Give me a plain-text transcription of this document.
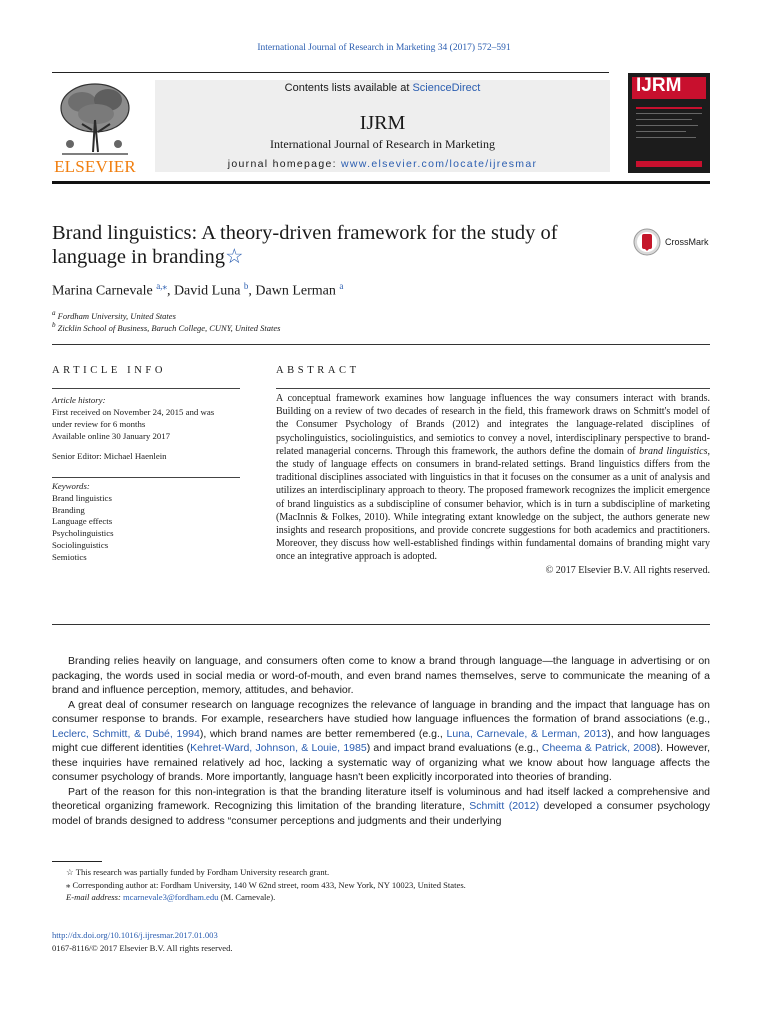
International Journal of Research in Marketing 34 (2017) 572–591
ELSEVIER
Contents lists available at ScienceDirect
IJRM
International Journal of Research in Marketing
journal homepage: www.elsevier.com/locate/ijresmar
IJRM
Brand linguistics: A theory-driven framework for the study of
language in branding☆
CrossMark
Marina Carnevale $^{a,⁎}$, David Luna $^b$, Dawn Lerman $^a$
$^a$ Fordham University, United States
$^b$ Zicklin School of Business, Baruch College, CUNY, United States
ARTICLE INFO
Article history:
First received on November 24, 2015 and was
under review for 6 months
Available online 30 January 2017
Senior Editor: Michael Haenlein
Keywords:
Brand linguistics
Branding
Language effects
Psycholinguistics
Sociolinguistics
Semiotics
ABSTRACT
A conceptual framework examines how language influences the way consumers interact with brands. Building on a review of two decades of research in the field, this framework draws on Schmitt's model of the Consumer Psychology of Brands (2012) and integrates the language-related disciplines of psycholinguistics, sociolinguistics, and semiotics to convey a novel, interdisciplinary perspective to brand-related managerial concerns. Through this framework, the authors define the domain of brand linguistics, the study of language effects on consumers in brand-related settings. Brand linguistics differs from the traditional disciplines associated with linguistics in that it focuses on the consumer as a unit of analysis and utilizes an interdisciplinary approach to theory. The proposed framework recognizes the implicit emergence of brand linguistics as a subdiscipline of consumer behavior, which is in turn a subdiscipline of marketing (MacInnis & Folkes, 2010). While integrating extant knowledge on the subject, the authors generate new insights and research propositions, and provide concrete suggestions for both academics and practitioners. Moreover, they discuss how well-established findings within fundamental domains of branding might vary once an integrative approach is adopted.
© 2017 Elsevier B.V. All rights reserved.

Branding relies heavily on language, and consumers often come to know a brand through language—the language in advertising or on packaging, the words used in social media or word-of-mouth, and even brand names themselves, serve to communicate the meaning of a brand and influence perception, memory, attitudes, and behavior.

A great deal of consumer research on language recognizes the relevance of language in branding and the impact that language has on consumer response to brands. For example, researchers have studied how language influences the formation of brand associations (e.g., Leclerc, Schmitt, & Dubé, 1994), which brand names are better remembered (e.g., Luna, Carnevale, & Lerman, 2013), and how languages might cue different identities (Kehret-Ward, Johnson, & Louie, 1985) and impact brand evaluations (e.g., Cheema & Patrick, 2008). However, these inquiries have remained relatively ad hoc, lacking a systematic way of organizing what we know about how language affects the consumer psychology of brands. More importantly, language hasn't been explicitly incorporated into theories of branding.

Part of the reason for this non-integration is that the branding literature itself is voluminous and had itself lacked a comprehensive and theoretical organizing framework. Recognizing this limitation of the branding literature, Schmitt (2012) developed a consumer psychology model of brands designed to address “consumer perceptions and judgments and their underlying

☆ This research was partially funded by Fordham University research grant.
⁎ Corresponding author at: Fordham University, 140 W 62nd street, room 433, New York, NY 10023, United States.
E-mail address: mcarnevale3@fordham.edu (M. Carnevale).
http://dx.doi.org/10.1016/j.ijresmar.2017.01.003
0167-8116/© 2017 Elsevier B.V. All rights reserved.
